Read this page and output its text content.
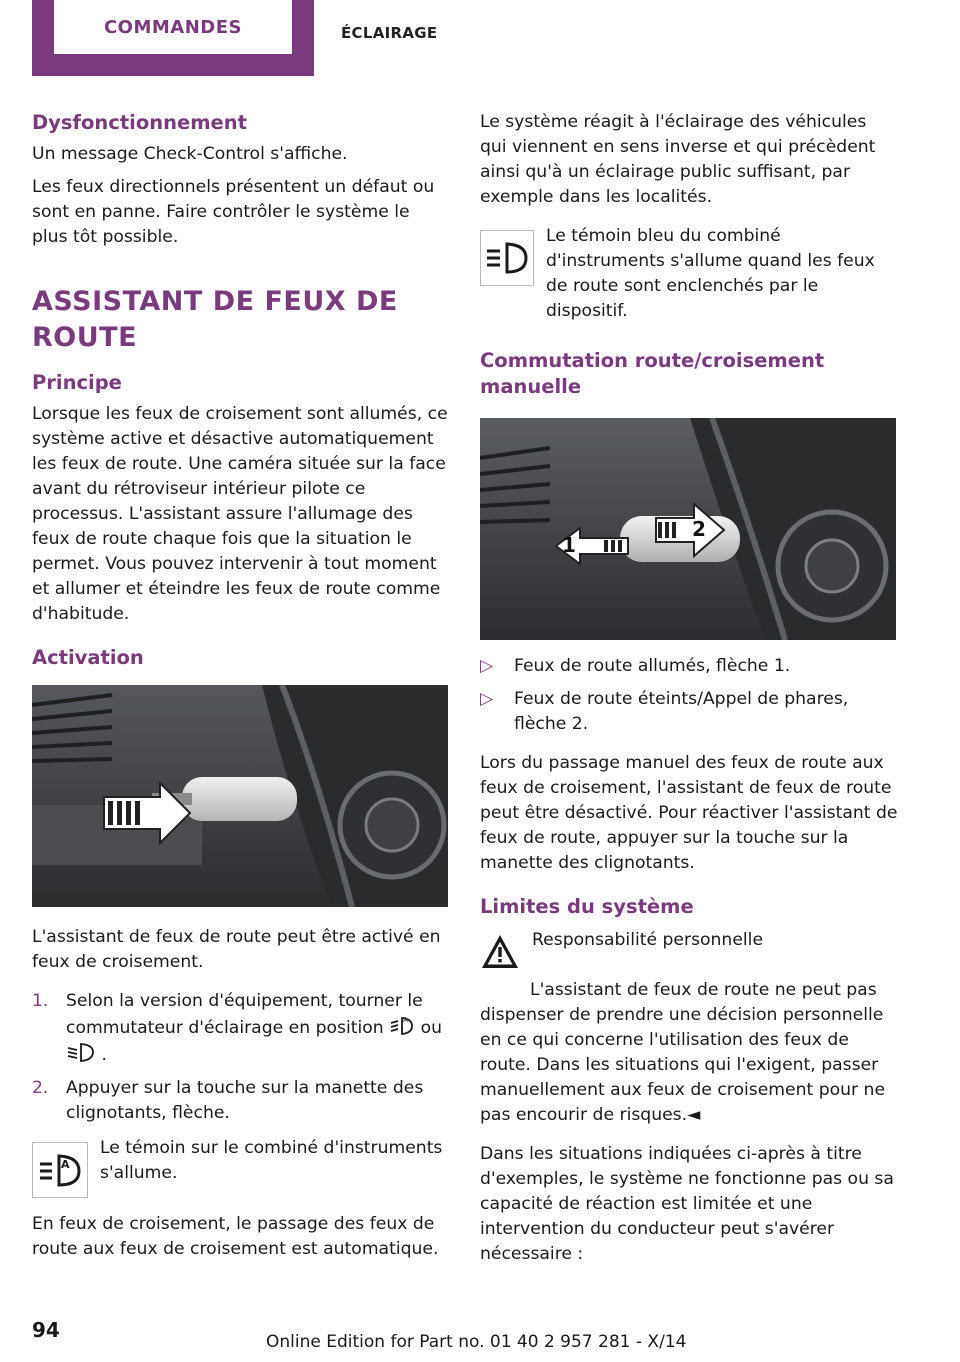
COMMANDES	ÉCLAIRAGE
Dysfonctionnement

Un message Check-Control s'affiche.

Les feux directionnels présentent un défaut ou sont en panne. Faire contrôler le système le plus tôt possible.

ASSISTANT DE FEUX DE ROUTE
Principe

Lorsque les feux de croisement sont allumés, ce système active et désactive automatiquement les feux de route. Une caméra située sur la face avant du rétroviseur intérieur pilote ce processus. L'assistant assure l'allumage des feux de route chaque fois que la situation le permet. Vous pouvez intervenir à tout moment et allumer et éteindre les feux de route comme d'habitude.

Activation

L'assistant de feux de route peut être activé en feux de croisement.

1.	Selon la version d'équipement, tourner le commutateur d'éclairage en position	A ou  .

2.	Appuyer sur la touche sur la manette des clignotants, flèche.

A

Le témoin sur le combiné d'instruments s'allume.

En feux de croisement, le passage des feux de route aux feux de croisement est automatique.

Le système réagit à l'éclairage des véhicules qui viennent en sens inverse et qui précèdent ainsi qu'à un éclairage public suffisant, par exemple dans les localités.

Le témoin bleu du combiné d'instruments s'allume quand les feux de route sont enclenchés par le dispositif.

Commutation route/croisement manuelle
1
2
▷	Feux de route allumés, flèche 1.

▷	Feux de route éteints/Appel de phares, flèche 2.

Lors du passage manuel des feux de route aux feux de croisement, l'assistant de feux de route peut être désactivé. Pour réactiver l'assistant de feux de route, appuyer sur la touche sur la manette des clignotants.

Limites du système

Responsabilité personnelle

L'assistant de feux de route ne peut pas dispenser de prendre une décision personnelle en ce qui concerne l'utilisation des feux de route. Dans les situations qui l'exigent, passer manuellement aux feux de croisement pour ne pas encourir de risques.◄

Dans les situations indiquées ci-après à titre d'exemples, le système ne fonctionne pas ou sa capacité de réaction est limitée et une intervention du conducteur peut s'avérer nécessaire :

94	Online Edition for Part no. 01 40 2 957 281 - X/14
